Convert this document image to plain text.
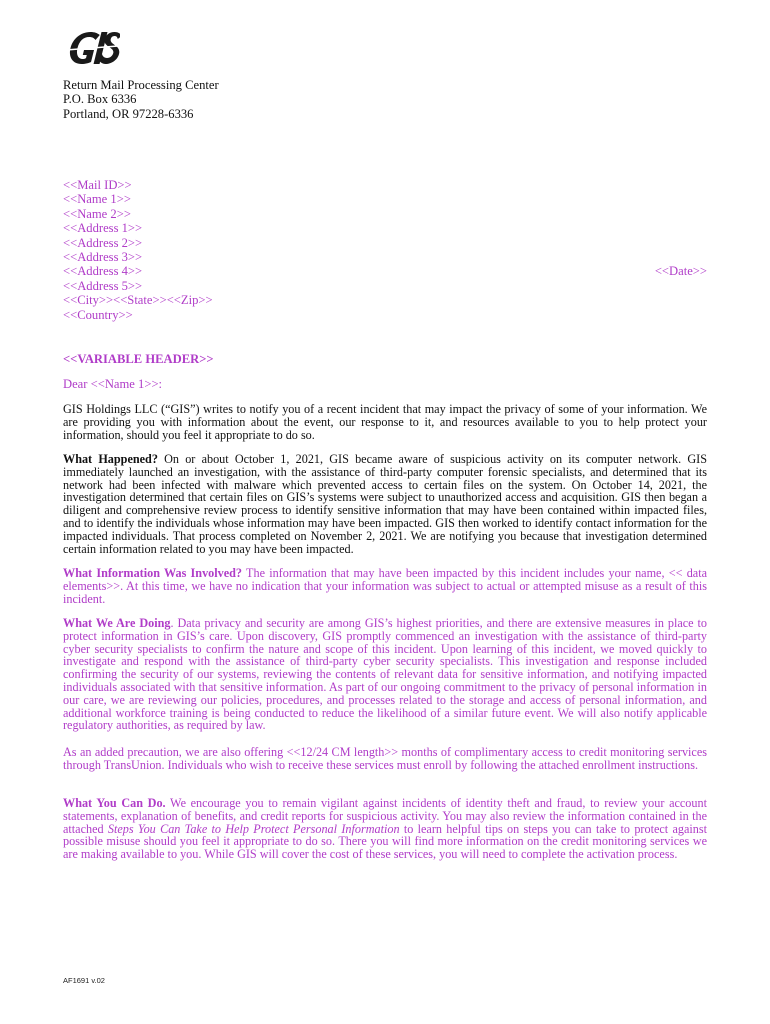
Return Mail Processing Center
P.O. Box 6336
Portland, OR 97228-6336
<<Mail ID>>
<<Name 1>>
<<Name 2>>
<<Address 1>>
<<Address 2>>
<<Address 3>>
<<Address 4>>
<<Address 5>>
<<City>><<State>><<Zip>>
<<Country>>
<<Date>>
<<VARIABLE HEADER>>
Dear <<Name 1>>:
GIS Holdings LLC (“GIS”) writes to notify you of a recent incident that may impact the privacy of some of your information. We are providing you with information about the event, our response to it, and resources available to you to help protect your information, should you feel it appropriate to do so.
What Happened? On or about October 1, 2021, GIS became aware of suspicious activity on its computer network. GIS immediately launched an investigation, with the assistance of third-party computer forensic specialists, and determined that its network had been infected with malware which prevented access to certain files on the system. On October 14, 2021, the investigation determined that certain files on GIS’s systems were subject to unauthorized access and acquisition. GIS then began a diligent and comprehensive review process to identify sensitive information that may have been contained within impacted files, and to identify the individuals whose information may have been impacted. GIS then worked to identify contact information for the impacted individuals. That process completed on November 2, 2021. We are notifying you because that investigation determined certain information related to you may have been impacted.
What Information Was Involved? The information that may have been impacted by this incident includes your name, << data elements>>. At this time, we have no indication that your information was subject to actual or attempted misuse as a result of this incident.
What We Are Doing. Data privacy and security are among GIS’s highest priorities, and there are extensive measures in place to protect information in GIS’s care. Upon discovery, GIS promptly commenced an investigation with the assistance of third-party cyber security specialists to confirm the nature and scope of this incident. Upon learning of this incident, we moved quickly to investigate and respond with the assistance of third-party cyber security specialists. This investigation and response included confirming the security of our systems, reviewing the contents of relevant data for sensitive information, and notifying impacted individuals associated with that sensitive information. As part of our ongoing commitment to the privacy of personal information in our care, we are reviewing our policies, procedures, and processes related to the storage and access of personal information, and additional workforce training is being conducted to reduce the likelihood of a similar future event. We will also notify applicable regulatory authorities, as required by law.
As an added precaution, we are also offering <<12/24 CM length>> months of complimentary access to credit monitoring services through TransUnion. Individuals who wish to receive these services must enroll by following the attached enrollment instructions.
What You Can Do. We encourage you to remain vigilant against incidents of identity theft and fraud, to review your account statements, explanation of benefits, and credit reports for suspicious activity. You may also review the information contained in the attached Steps You Can Take to Help Protect Personal Information to learn helpful tips on steps you can take to protect against possible misuse should you feel it appropriate to do so. There you will find more information on the credit monitoring services we are making available to you. While GIS will cover the cost of these services, you will need to complete the activation process.
AF1691 v.02
